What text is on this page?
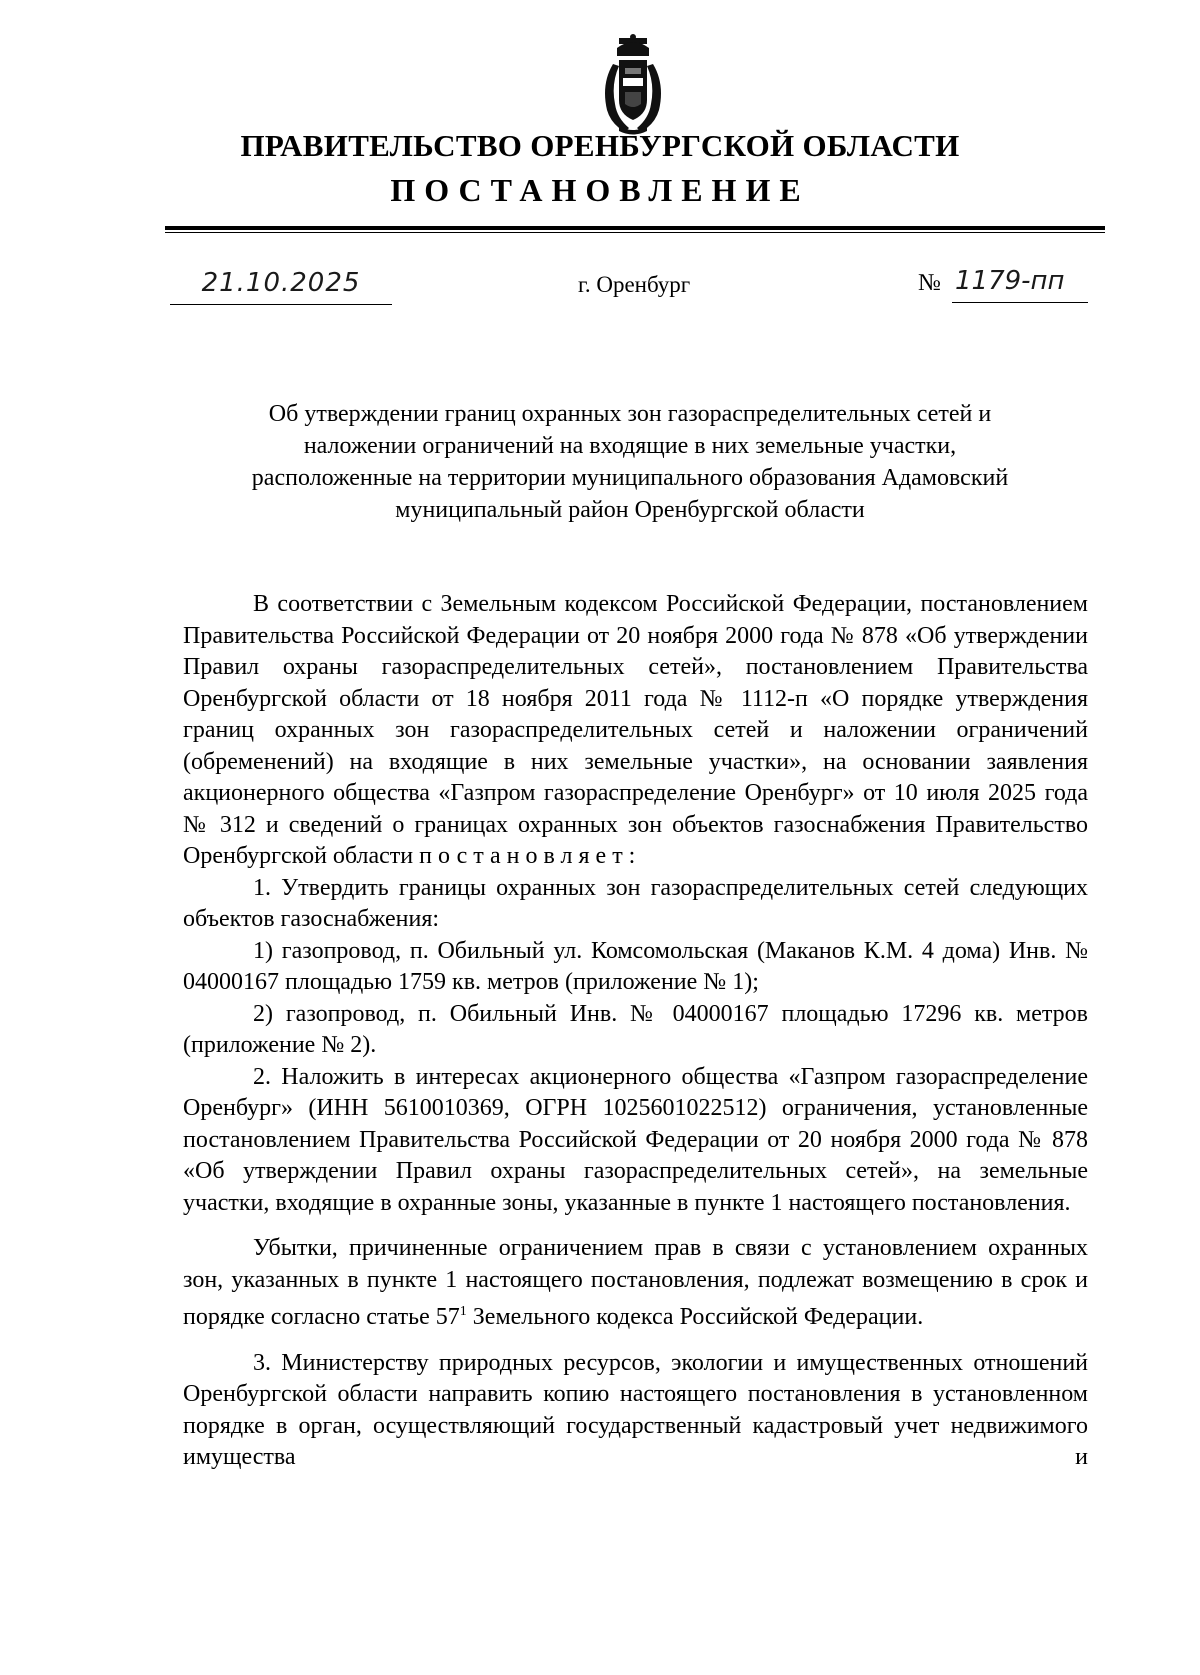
ПРАВИТЕЛЬСТВО ОРЕНБУРГСКОЙ ОБЛАСТИ
ПОСТАНОВЛЕНИЕ
21.10.2025	г. Оренбург	№ 1179-пп
Об утверждении границ охранных зон газораспределительных сетей и
наложении ограничений на входящие в них земельные участки,
расположенные на территории муниципального образования Адамовский
муниципальный район Оренбургской области

В соответствии с Земельным кодексом Российской Федерации, постановлением Правительства Российской Федерации от 20 ноября 2000 года № 878 «Об утверждении Правил охраны газораспределительных сетей», постановлением Правительства Оренбургской области от 18 ноября 2011 года № 1112-п «О порядке утверждения границ охранных зон газораспределительных сетей и наложении ограничений (обременений) на входящие в них земельные участки», на основании заявления акционерного общества «Газпром газораспределение Оренбург» от 10 июля 2025 года № 312 и сведений о границах охранных зон объектов газоснабжения Правительство Оренбургской области постановляет:

1. Утвердить границы охранных зон газораспределительных сетей следующих объектов газоснабжения:

1) газопровод, п. Обильный ул. Комсомольская (Маканов К.М. 4 дома) Инв. № 04000167 площадью 1759 кв. метров (приложение № 1);

2) газопровод, п. Обильный Инв. № 04000167 площадью 17296 кв. метров (приложение № 2).

2. Наложить в интересах акционерного общества «Газпром газораспределение Оренбург» (ИНН 5610010369, ОГРН 1025601022512) ограничения, установленные постановлением Правительства Российской Федерации от 20 ноября 2000 года № 878 «Об утверждении Правил охраны газораспределительных сетей», на земельные участки, входящие в охранные зоны, указанные в пункте 1 настоящего постановления.

Убытки, причиненные ограничением прав в связи с установлением охранных зон, указанных в пункте 1 настоящего постановления, подлежат возмещению в срок и порядке согласно статье $57^1$ Земельного кодекса Российской Федерации.

3. Министерству природных ресурсов, экологии и имущественных отношений Оренбургской области направить копию настоящего постановления в установленном порядке в орган, осуществляющий государственный кадастровый учет недвижимого имущества и
